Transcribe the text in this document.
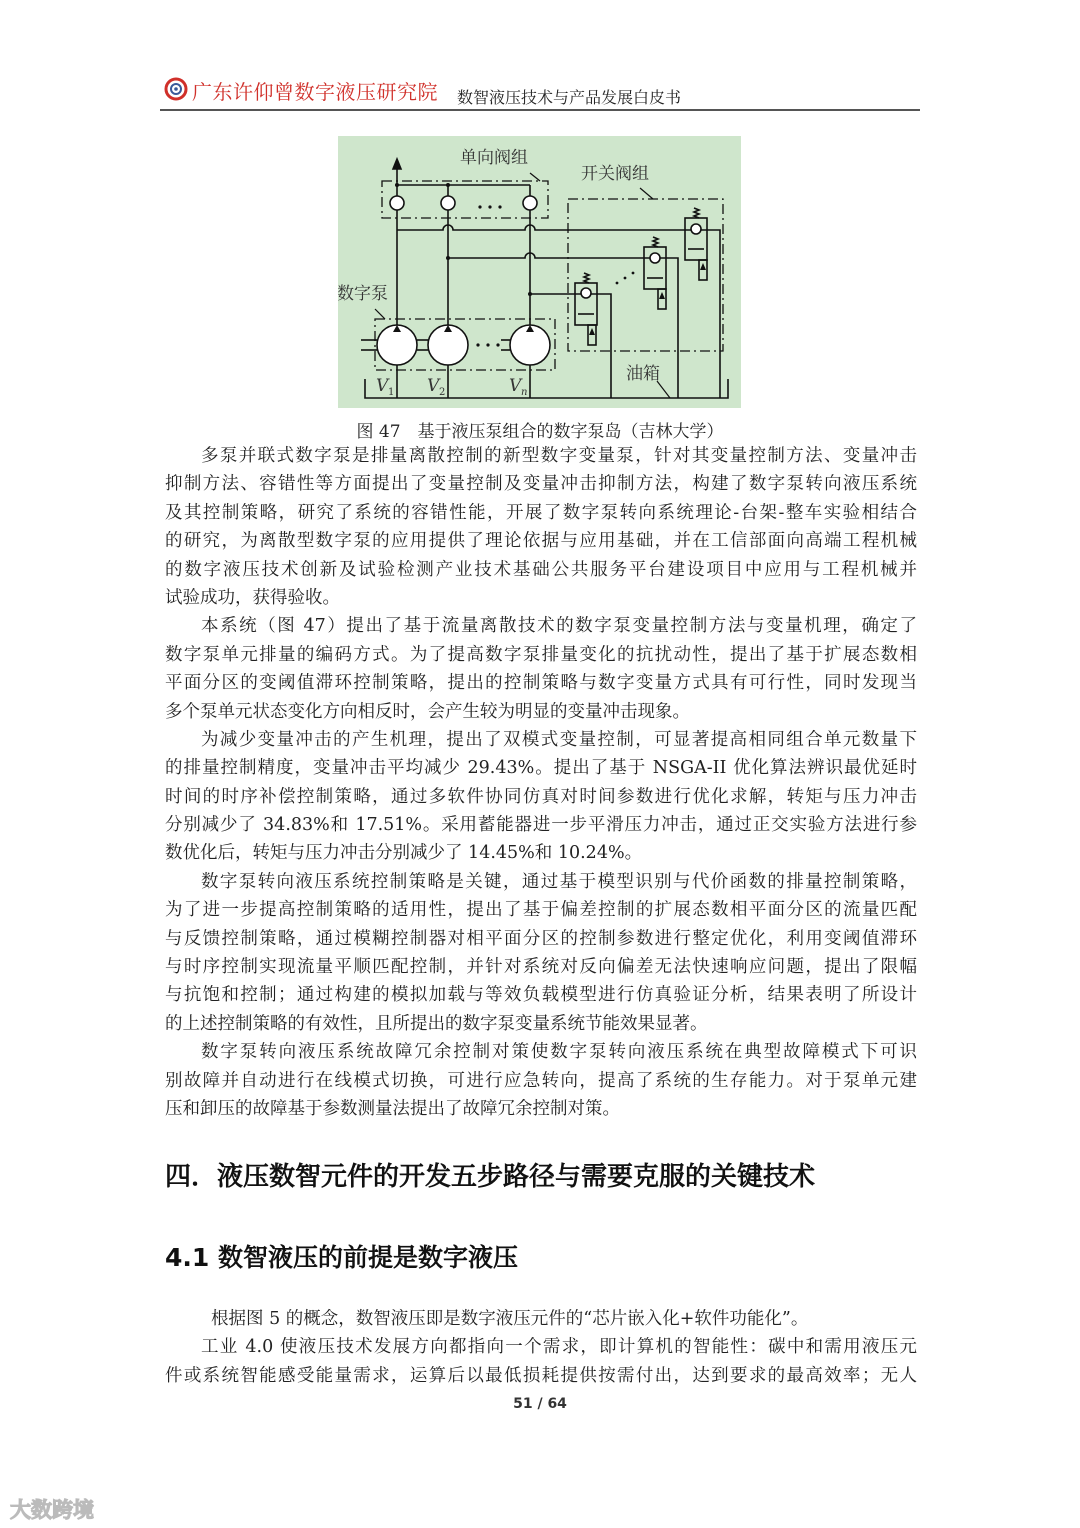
广东许仰曾数字液压研究院 数智液压技术与产品发展白皮书
单向阀组
开关阀组
数字泵
油箱
V 1 V 2	V n
图 47　基于液压泵组合的数字泵岛（吉林大学）
多泵并联式数字泵是排量离散控制的新型数字变量泵，针对其变量控制方法、变量冲击
抑制方法、容错性等方面提出了变量控制及变量冲击抑制方法，构建了数字泵转向液压系统
及其控制策略，研究了系统的容错性能，开展了数字泵转向系统理论-台架-整车实验相结合
的研究，为离散型数字泵的应用提供了理论依据与应用基础，并在工信部面向高端工程机械
的数字液压技术创新及试验检测产业技术基础公共服务平台建设项目中应用与工程机械并
试验成功，获得验收。
本系统（图 47）提出了基于流量离散技术的数字泵变量控制方法与变量机理，确定了
数字泵单元排量的编码方式。为了提高数字泵排量变化的抗扰动性，提出了基于扩展态数相
平面分区的变阈值滞环控制策略，提出的控制策略与数字变量方式具有可行性，同时发现当
多个泵单元状态变化方向相反时，会产生较为明显的变量冲击现象。
为减少变量冲击的产生机理，提出了双模式变量控制，可显著提高相同组合单元数量下
的排量控制精度，变量冲击平均减少 29.43%。提出了基于 NSGA-II 优化算法辨识最优延时
时间的时序补偿控制策略，通过多软件协同仿真对时间参数进行优化求解，转矩与压力冲击
分别减少了 34.83%和 17.51%。采用蓄能器进一步平滑压力冲击，通过正交实验方法进行参
数优化后，转矩与压力冲击分别减少了 14.45%和 10.24%。
数字泵转向液压系统控制策略是关键，通过基于模型识别与代价函数的排量控制策略，
为了进一步提高控制策略的适用性，提出了基于偏差控制的扩展态数相平面分区的流量匹配
与反馈控制策略，通过模糊控制器对相平面分区的控制参数进行整定优化，利用变阈值滞环
与时序控制实现流量平顺匹配控制，并针对系统对反向偏差无法快速响应问题，提出了限幅
与抗饱和控制；通过构建的模拟加载与等效负载模型进行仿真验证分析，结果表明了所设计
的上述控制策略的有效性，且所提出的数字泵变量系统节能效果显著。
数字泵转向液压系统故障冗余控制对策使数字泵转向液压系统在典型故障模式下可识
别故障并自动进行在线模式切换，可进行应急转向，提高了系统的生存能力。对于泵单元建
压和卸压的故障基于参数测量法提出了故障冗余控制对策。
四．液压数智元件的开发五步路径与需要克服的关键技术
4.1 数智液压的前提是数字液压
根据图 5 的概念，数智液压即是数字液压元件的“芯片嵌入化+软件功能化”。
工业 4.0 使液压技术发展方向都指向一个需求，即计算机的智能性：碳中和需用液压元
件或系统智能感受能量需求，运算后以最低损耗提供按需付出，达到要求的最高效率；无人
51 / 64
大数跨境
